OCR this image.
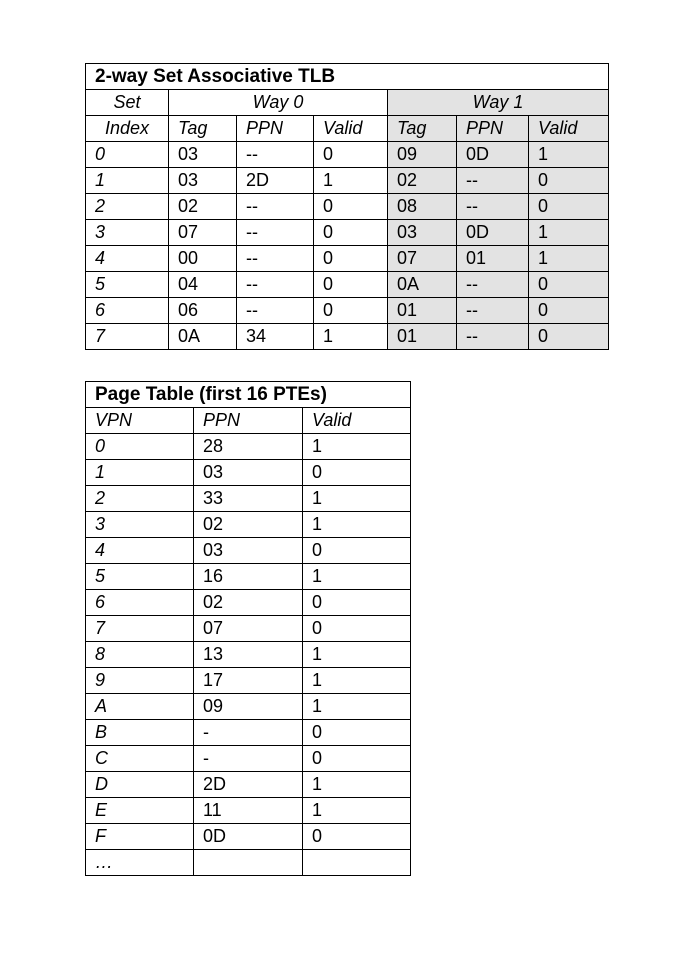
2-way Set Associative TLB						
Set	Way 0			Way 1		
Index	Tag	PPN	Valid	Tag	PPN	Valid
0	03	--	0	09	0D	1
1	03	2D	1	02	--	0
2	02	--	0	08	--	0
3	07	--	0	03	0D	1
4	00	--	0	07	01	1
5	04	--	0	0A	--	0
6	06	--	0	01	--	0
7	0A	34	1	01	--	0
Page Table (first 16 PTEs)		
VPN	PPN	Valid
0	28	1
1	03	0
2	33	1
3	02	1
4	03	0
5	16	1
6	02	0
7	07	0
8	13	1
9	17	1
A	09	1
B	-	0
C	-	0
D	2D	1
E	11	1
F	0D	0
…		
